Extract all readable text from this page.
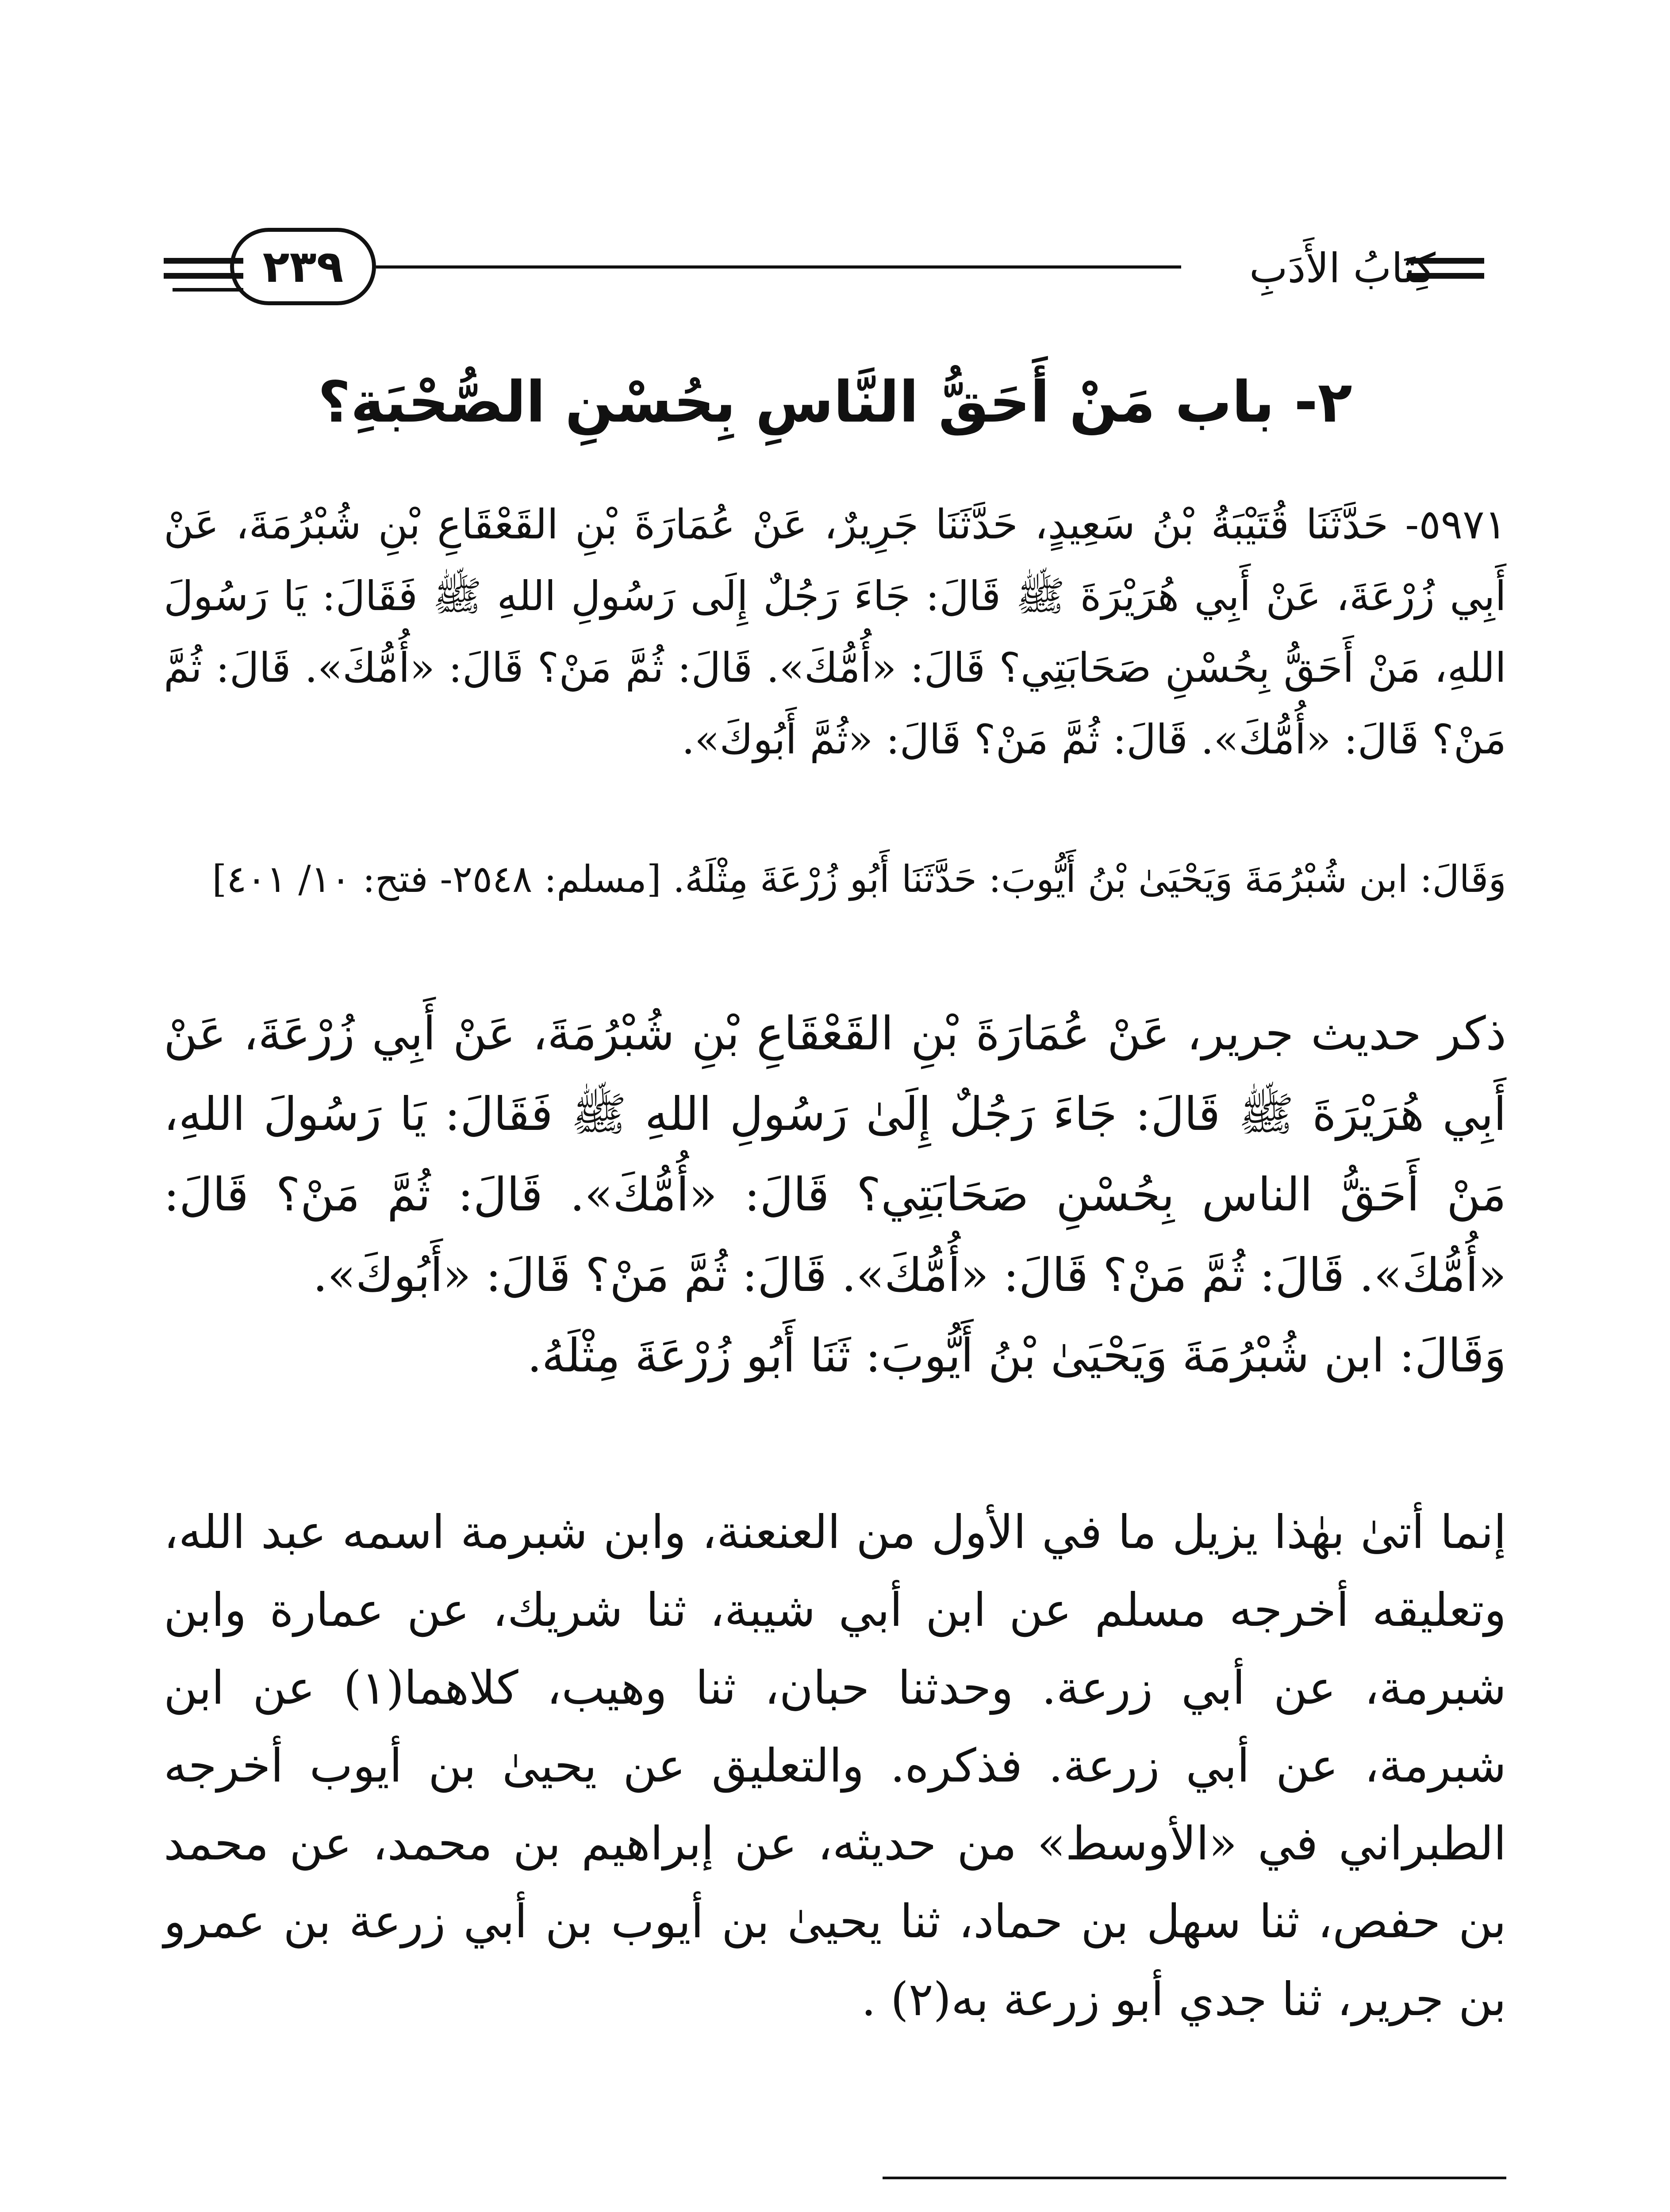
كِتَابُ الأَدَبِ
٢٣٩
٢- باب مَنْ أَحَقُّ النَّاسِ بِحُسْنِ الصُّحْبَةِ؟

٥٩٧١- حَدَّثَنَا قُتَيْبَةُ بْنُ سَعِيدٍ، حَدَّثَنَا جَرِيرٌ، عَنْ عُمَارَةَ بْنِ القَعْقَاعِ بْنِ شُبْرُمَةَ، عَنْ أَبِي زُرْعَةَ، عَنْ أَبِي هُرَيْرَةَ ﷺ قَالَ: جَاءَ رَجُلٌ إِلَى رَسُولِ اللهِ ﷺ فَقَالَ: يَا رَسُولَ اللهِ، مَنْ أَحَقُّ بِحُسْنِ صَحَابَتِي؟ قَالَ: «أُمُّكَ». قَالَ: ثُمَّ مَنْ؟ قَالَ: «أُمُّكَ». قَالَ: ثُمَّ مَنْ؟ قَالَ: «أُمُّكَ». قَالَ: ثُمَّ مَنْ؟ قَالَ: «ثُمَّ أَبُوكَ».

وَقَالَ: ابن شُبْرُمَةَ وَيَحْيَىٰ بْنُ أَيُّوبَ: حَدَّثَنَا أَبُو زُرْعَةَ مِثْلَهُ. [مسلم: ٢٥٤٨- فتح: ١٠/ ٤٠١]

ذكر حديث جرير، عَنْ عُمَارَةَ بْنِ القَعْقَاعِ بْنِ شُبْرُمَةَ، عَنْ أَبِي زُرْعَةَ، عَنْ أَبِي هُرَيْرَةَ ﷺ قَالَ: جَاءَ رَجُلٌ إِلَىٰ رَسُولِ اللهِ ﷺ فَقَالَ: يَا رَسُولَ اللهِ، مَنْ أَحَقُّ الناس بِحُسْنِ صَحَابَتِي؟ قَالَ: «أُمُّكَ». قَالَ: ثُمَّ مَنْ؟ قَالَ: «أُمُّكَ». قَالَ: ثُمَّ مَنْ؟ قَالَ: «أُمُّكَ». قَالَ: ثُمَّ مَنْ؟ قَالَ: «أَبُوكَ».

وَقَالَ: ابن شُبْرُمَةَ وَيَحْيَىٰ بْنُ أَيُّوبَ: ثَنَا أَبُو زُرْعَةَ مِثْلَهُ.

إنما أتىٰ بهٰذا يزيل ما في الأول من العنعنة، وابن شبرمة اسمه عبد الله، وتعليقه أخرجه مسلم عن ابن أبي شيبة، ثنا شريك، عن عمارة وابن شبرمة، عن أبي زرعة. وحدثنا حبان، ثنا وهيب، كلاهما(١) عن ابن شبرمة، عن أبي زرعة. فذكره. والتعليق عن يحيىٰ بن أيوب أخرجه الطبراني في «الأوسط» من حديثه، عن إبراهيم بن محمد، عن محمد بن حفص، ثنا سهل بن حماد، ثنا يحيىٰ بن أيوب بن أبي زرعة بن عمرو بن جرير، ثنا جدي أبو زرعة به(٢) .
